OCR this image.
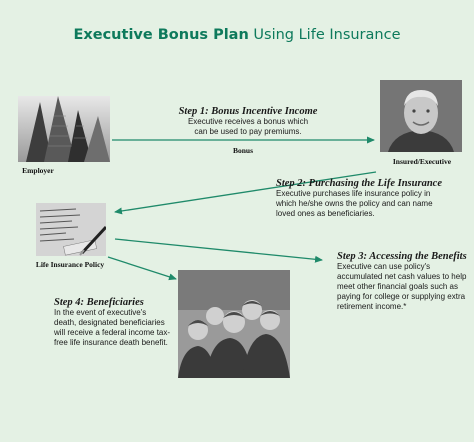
Executive Bonus Plan Using Life Insurance
Employer
Insured/Executive
Life Insurance Policy
Step 1: Bonus Incentive Income
Executive receives a bonus which
can be used to pay premiums.
Bonus
Step 2: Purchasing the Life Insurance
Executive purchases life insurance policy in
which he/she owns the policy and can name
loved ones as beneficiaries.
Step 3: Accessing the Benefits
Executive can use policy's
accumulated net cash values to help
meet other financial goals such as
paying for college or supplying extra
retirement income.*
Step 4: Beneficiaries
In the event of executive's
death, designated beneficiaries
will receive a federal income tax-
free life insurance death benefit.
